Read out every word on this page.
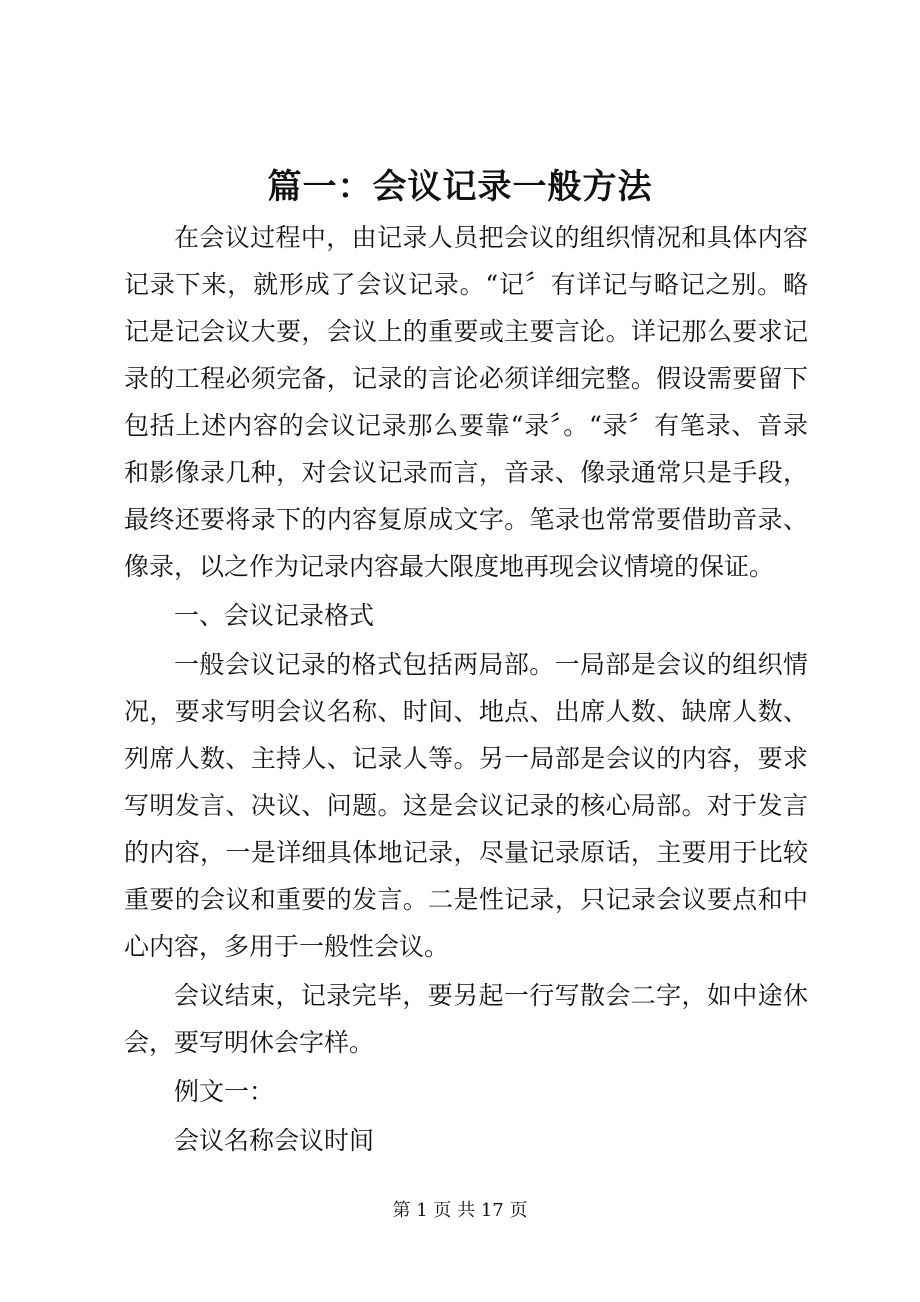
篇一：会议记录一般方法

在会议过程中，由记录人员把会议的组织情况和具体内容记录下来，就形成了会议记录。“记〞有详记与略记之别。略记是记会议大要，会议上的重要或主要言论。详记那么要求记录的工程必须完备，记录的言论必须详细完整。假设需要留下包括上述内容的会议记录那么要靠“录〞。“录〞有笔录、音录和影像录几种，对会议记录而言，音录、像录通常只是手段，最终还要将录下的内容复原成文字。笔录也常常要借助音录、像录，以之作为记录内容最大限度地再现会议情境的保证。

一、会议记录格式

一般会议记录的格式包括两局部。一局部是会议的组织情况，要求写明会议名称、时间、地点、出席人数、缺席人数、列席人数、主持人、记录人等。另一局部是会议的内容，要求写明发言、决议、问题。这是会议记录的核心局部。对于发言的内容，一是详细具体地记录，尽量记录原话，主要用于比较重要的会议和重要的发言。二是性记录，只记录会议要点和中心内容，多用于一般性会议。

会议结束，记录完毕，要另起一行写散会二字，如中途休会，要写明休会字样。

例文一：

会议名称会议时间

第 1 页 共 17 页
